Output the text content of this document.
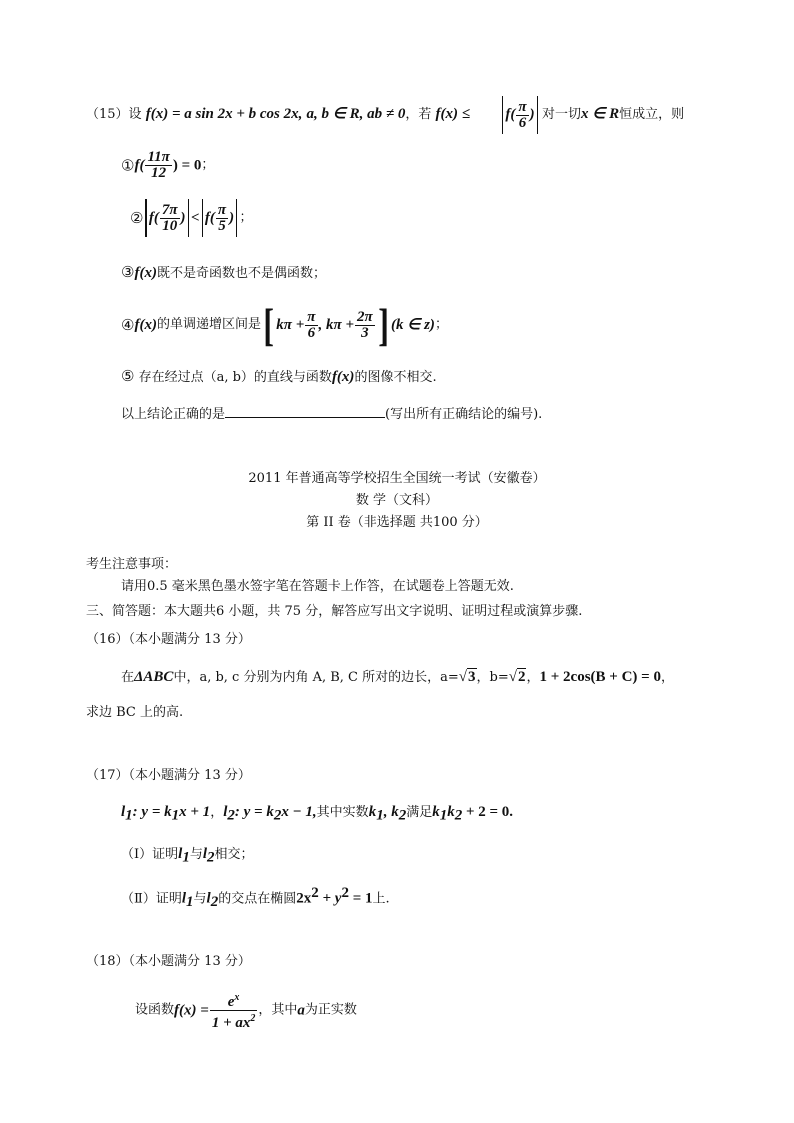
（15）设 f(x) = a sin 2x + b cos 2x, a, b ∈ R, ab ≠ 0，若 f(x) ≤	$f( \frac{\pi}{6}$ ) 对一切x ∈ R恒成立，则
①f( $\frac{11\pi}{12}$ ) = 0；
② $f( \frac{7\pi}{10}$ ) < $f( \frac{\pi}{5}$ ) ；
③f(x)既不是奇函数也不是偶函数；
④f(x)的单调递增区间是[ $k\pi + \frac{\pi}{6}$ , $k\pi + \frac{2\pi}{3}$ ] (k ∈ z)；
⑤ 存在经过点（a, b）的直线与函数f(x)的图像不相交.
以上结论正确的是	(写出所有正确结论的编号).
2011 年普通高等学校招生全国统一考试（安徽卷）
数 学（文科）
第 II 卷（非选择题 共100 分）
考生注意事项：
请用0.5 毫米黑色墨水签字笔在答题卡上作答，在试题卷上答题无效.
三、简答题：本大题共6 小题，共 75 分，解答应写出文字说明、证明过程或演算步骤.
（16）（本小题满分 13 分）
在ΔABC中，a, b, c 分别为内角 A, B, C 所对的边长，a=√3，b=√2，1 + 2cos(B + C) = 0，
求边 BC 上的高.
（17）（本小题满分 13 分）
$l_1$: $y = k_1x + 1$，$l_2$: $y = k_2x - 1$,其中实数$k_1$, $k_2$满足$k_1k_2 + 2 = 0$.
（Ⅰ）证明$l_1$与$l_2$相交；
（Ⅱ）证明$l_1$与$l_2$的交点在椭圆$2x^2 + y^2 = 1$上.
（18）（本小题满分 13 分）
设函数$f(x) = \frac{e^x}{1 + ax^2}$ ，其中a为正实数
